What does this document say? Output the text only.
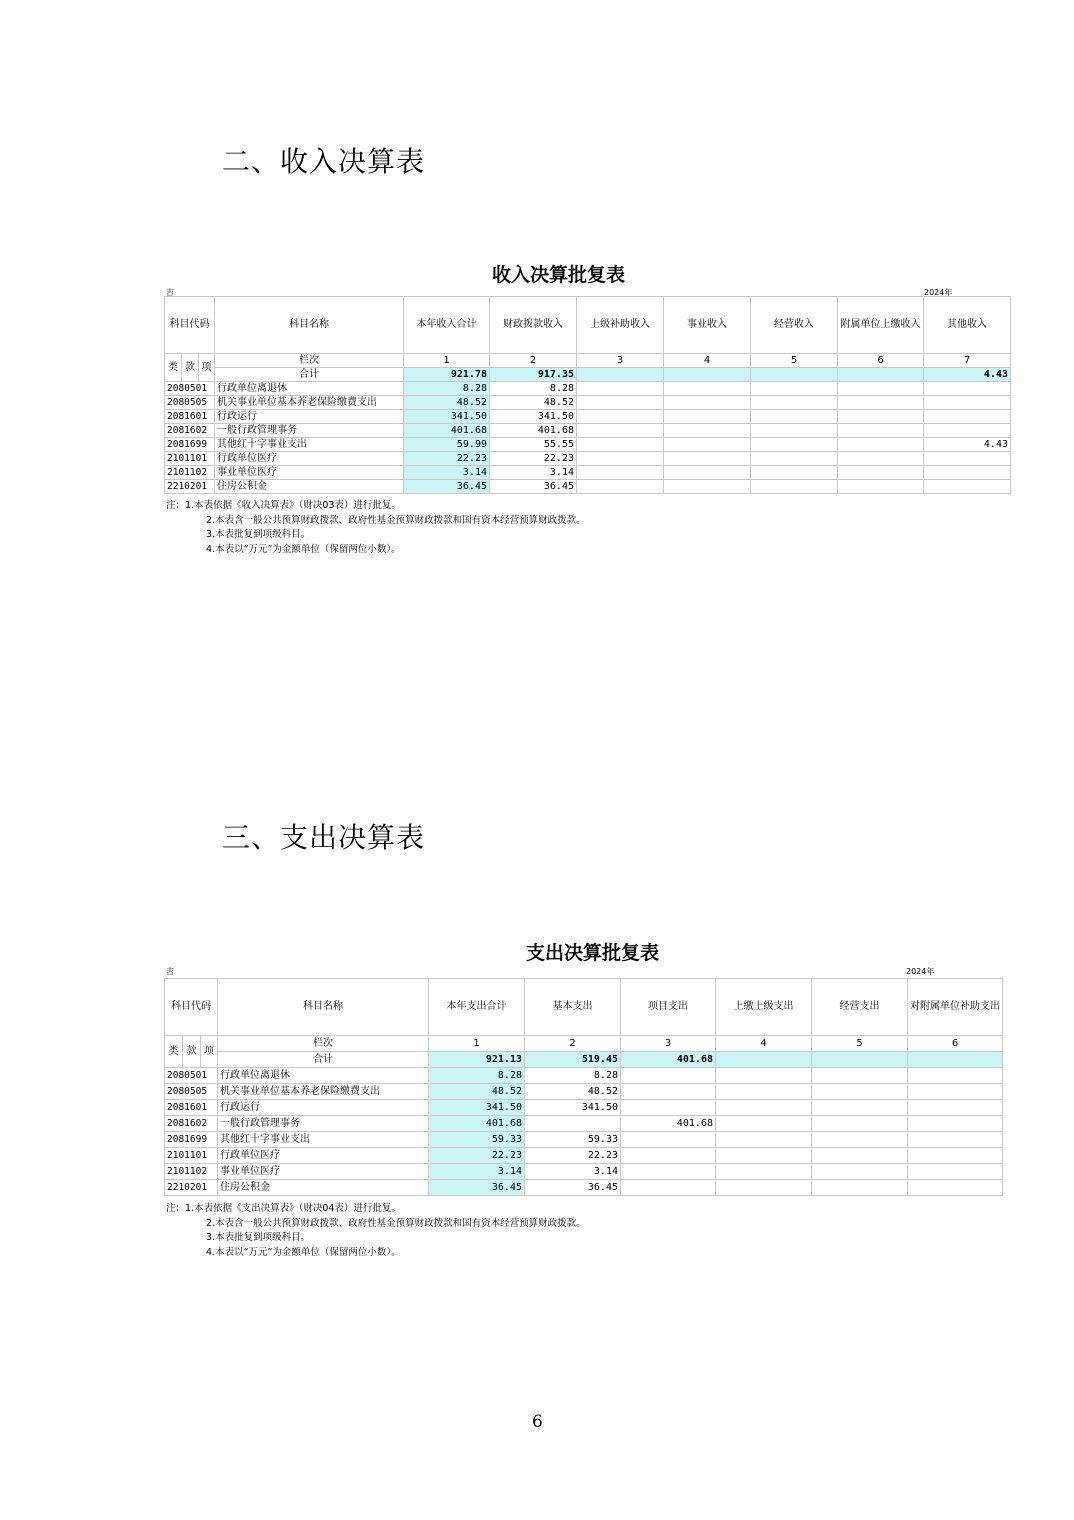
二、收入决算表
收入决算批复表
吉	2024年
科目代码			科目名称	本年收入合计	财政拨款收入	上级补助收入	事业收入	经营收入	附属单位上缴收入	其他收入
类	款	项	栏次	1	2	3	4	5	6	7
			合计	921.78	917.35					4.43
2080501			行政单位离退休	8.28	8.28					
2080505			机关事业单位基本养老保险缴费支出	48.52	48.52					
2081601			行政运行	341.50	341.50					
2081602			一般行政管理事务	401.68	401.68					
2081699			其他红十字事业支出	59.99	55.55					4.43
2101101			行政单位医疗	22.23	22.23					
2101102			事业单位医疗	3.14	3.14					
2210201			住房公积金	36.45	36.45					
注：1.本表依据《收入决算表》（财决03表）进行批复。
2.本表含一般公共预算财政拨款、政府性基金预算财政拨款和国有资本经营预算财政拨款。
3.本表批复到项级科目。
4.本表以“万元”为金额单位（保留两位小数）。
三、支出决算表
支出决算批复表
吉	2024年
科目代码			科目名称	本年支出合计	基本支出	项目支出	上缴上级支出	经营支出	对附属单位补助支出
类	款	项	栏次	1	2	3	4	5	6
			合计	921.13	519.45	401.68			
2080501			行政单位离退休	8.28	8.28				
2080505			机关事业单位基本养老保险缴费支出	48.52	48.52				
2081601			行政运行	341.50	341.50				
2081602			一般行政管理事务	401.68		401.68			
2081699			其他红十字事业支出	59.33	59.33				
2101101			行政单位医疗	22.23	22.23				
2101102			事业单位医疗	3.14	3.14				
2210201			住房公积金	36.45	36.45				
注：1.本表依据《支出决算表》（财决04表）进行批复。
2.本表含一般公共预算财政拨款、政府性基金预算财政拨款和国有资本经营预算财政拨款。
3.本表批复到项级科目。
4.本表以“万元”为金额单位（保留两位小数）。
6
